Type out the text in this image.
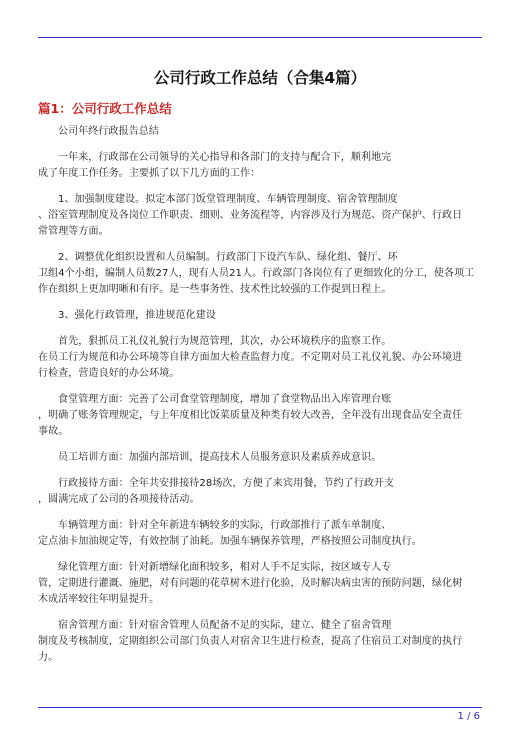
公司行政工作总结（合集4篇）
篇1：公司行政工作总结

公司年终行政报告总结

一年来，行政部在公司领导的关心指导和各部门的支持与配合下，顺利地完
成了年度工作任务。主要抓了以下几方面的工作：

1、加强制度建设。拟定本部门饭堂管理制度、车辆管理制度、宿舍管理制度
、浴室管理制度及各岗位工作职责、细则、业务流程等，内容涉及行为规范、资产保护、行政日
常管理等方面。

2、调整优化组织设置和人员编制。行政部门下设汽车队、绿化组、餐厅、环
卫组4个小组，编制人员数27人，现有人员21人。行政部门各岗位有了更细致化的分工，使各项工
作在组织上更加明晰和有序。是一些事务性、技术性比较强的工作提到日程上。

3、强化行政管理，推进规范化建设

首先，狠抓员工礼仪礼貌行为规范管理，其次，办公环境秩序的监察工作。
在员工行为规范和办公环境等自律方面加大检查监督力度。不定期对员工礼仪礼貌、办公环境进
行检查，营造良好的办公环境。

食堂管理方面：完善了公司食堂管理制度，增加了食堂物品出入库管理台账
，明确了账务管理规定，与上年度相比饭菜质量及种类有较大改善，全年没有出现食品安全责任
事故。

员工培训方面：加强内部培训，提高技术人员服务意识及素质养成意识。

行政接待方面：全年共安排接待28场次，方便了来宾用餐，节约了行政开支
，圆满完成了公司的各项接待活动。

车辆管理方面：针对全年新进车辆较多的实际，行政部推行了派车单制度、
定点油卡加油规定等，有效控制了油耗。加强车辆保养管理，严格按照公司制度执行。

绿化管理方面：针对新增绿化面积较多，相对人手不足实际，按区域专人专
管，定期进行灌溉、施肥，对有问题的花草树木进行化验，及时解决病虫害的预防问题，绿化树
木成活率较往年明显提升。

宿舍管理方面：针对宿舍管理人员配备不足的实际，建立、健全了宿舍管理
制度及考核制度，定期组织公司部门负责人对宿舍卫生进行检查，提高了住宿员工对制度的执行
力。

1 / 6
